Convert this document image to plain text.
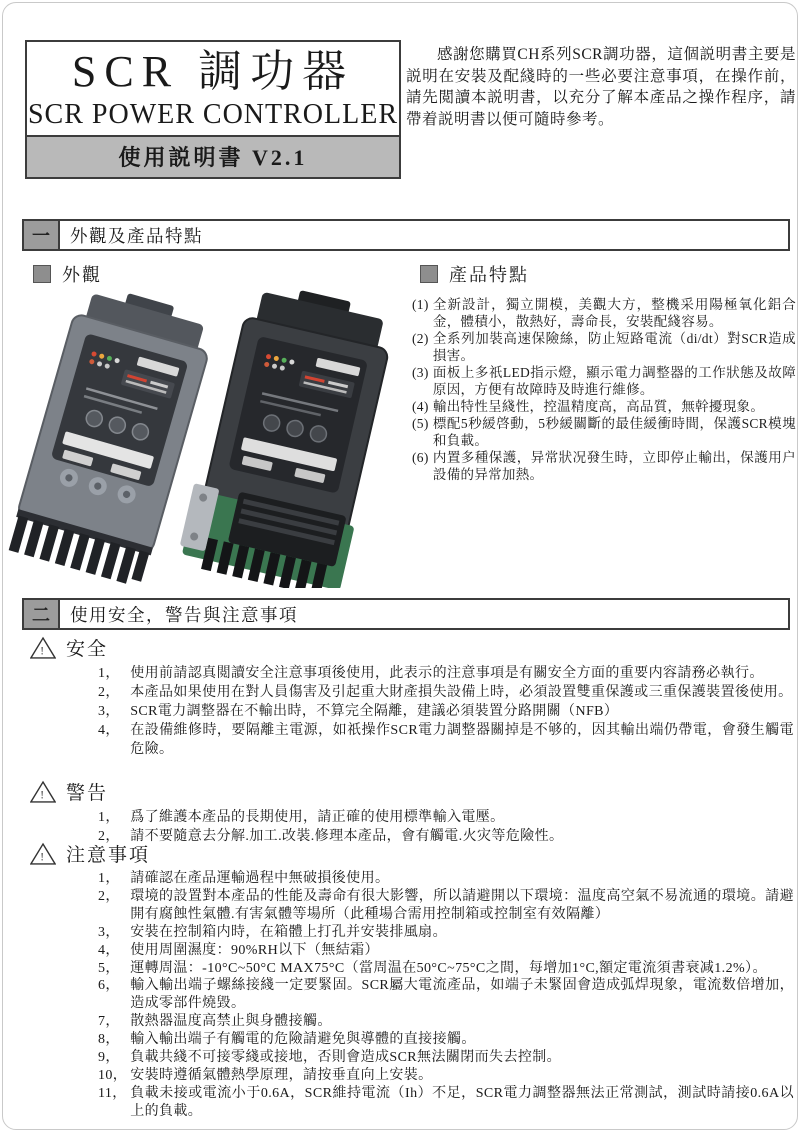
SCR 調功器
SCR POWER CONTROLLER
使用説明書 V2.1
感謝您購買CH系列SCR調功器，這個説明書主要是説明在安裝及配綫時的一些必要注意事項，在操作前，請先閲讀本説明書，以充分了解本產品之操作程序，請帶着説明書以便可隨時參考。
一	外觀及產品特點
外觀	產品特點
二	使用安全，警告與注意事項
! 安全
1， 使用前請認真閲讀安全注意事項後使用，此表示的注意事項是有關安全方面的重要内容請務必執行。
2， 本產品如果使用在對人員傷害及引起重大財產損失設備上時，必須設置雙重保護或三重保護裝置後使用。
3， SCR電力調整器在不輸出時，不算完全隔離，建議必須裝置分路開關（NFB）
4， 在設備維修時，要隔離主電源，如祇操作SCR電力調整器關掉是不够的，因其輸出端仍帶電，會發生觸電危險。
! 警告
1， 爲了維護本產品的長期使用，請正確的使用標準輸入電壓。
2， 請不要隨意去分解.加工.改裝.修理本產品，會有觸電.火灾等危險性。
! 注意事項
1， 請確認在產品運輸過程中無破損後使用。
2， 環境的設置對本產品的性能及壽命有很大影響，所以請避開以下環境：温度高空氣不易流通的環境。請避開有腐蝕性氣體.有害氣體等場所（此種場合需用控制箱或控制室有效隔離）
3， 安裝在控制箱内時，在箱體上打孔并安裝排風扇。
4， 使用周圍濕度：90%RH以下（無結霜）
5， 運轉周温：-10°C~50°C MAX75°C（當周温在50°C~75°C之間，每增加1°C,額定電流須書衰减1.2%）。
6， 輸入輸出端子螺絲接綫一定要緊固。SCR屬大電流產品，如端子未緊固會造成弧焊現象，電流数倍增加，造成零部件燒毀。
7， 散熱器温度高禁止與身體接觸。
8， 輸入輸出端子有觸電的危險請避免與導體的直接接觸。
9， 負載共綫不可接零綫或接地，否則會造成SCR無法關閉而失去控制。
10， 安裝時遵循氣體熱學原理，請按垂直向上安裝。
11， 負載未接或電流小于0.6A，SCR維持電流（Ih）不足，SCR電力調整器無法正常測試，測試時請接0.6A以上的負載。
(1) 全新設計，獨立開模，美觀大方，整機采用陽極氧化鋁合金，體積小，散熱好，壽命長，安裝配綫容易。
(2) 全系列加裝高速保險絲，防止短路電流（di/dt）對SCR造成損害。
(3) 面板上多祇LED指示燈，顯示電力調整器的工作狀態及故障原因，方便有故障時及時進行維修。
(4) 輸出特性呈綫性，控温精度高，高品質，無幹擾現象。
(5) 標配5秒緩啓動，5秒緩關斷的最佳緩衝時間，保護SCR模塊和負載。
(6) 内置多種保護，异常狀况發生時，立即停止輸出，保護用户設備的异常加熱。
